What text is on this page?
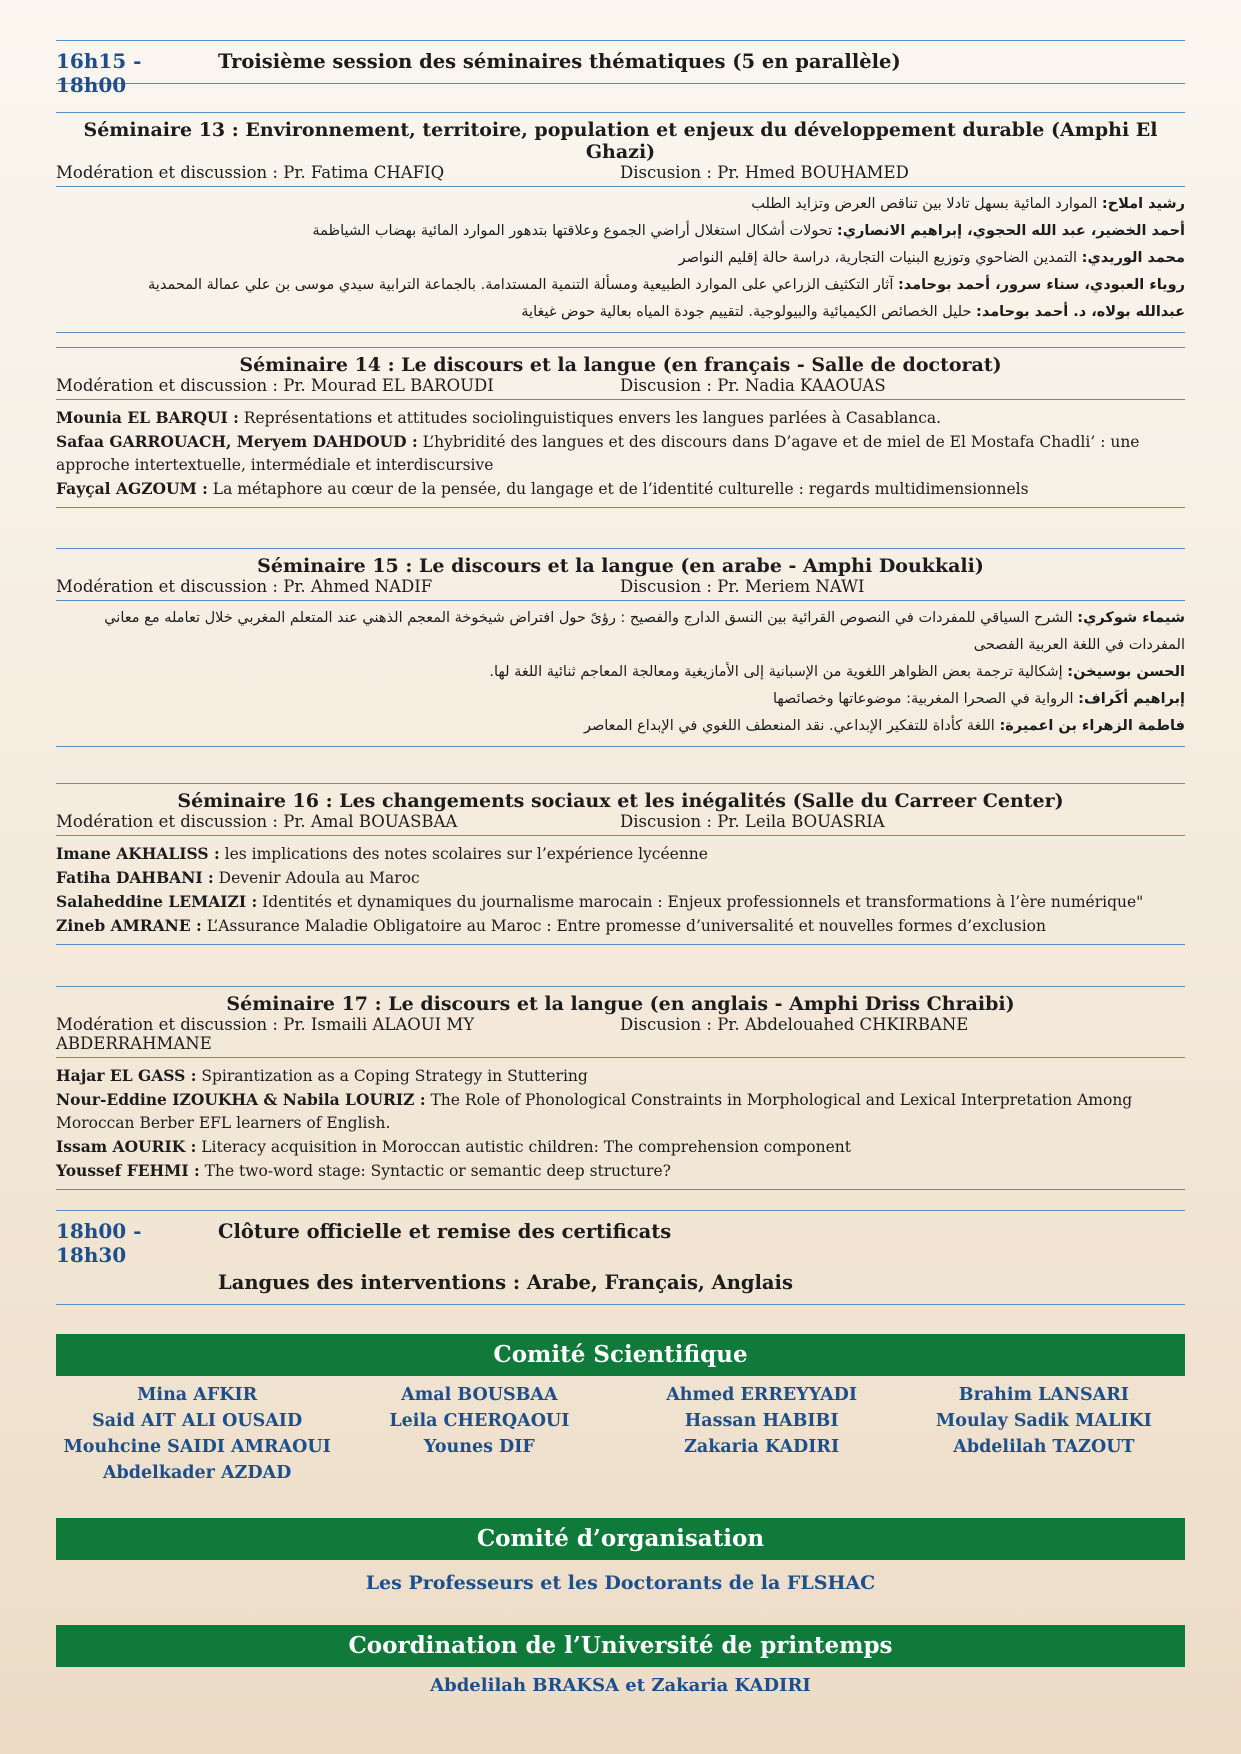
16h15 - 18h00
Troisième session des séminaires thématiques (5 en parallèle)
Séminaire 13 : Environnement, territoire, population et enjeux du développement durable (Amphi El Ghazi)
Modération et discussion : Pr. Fatima CHAFIQ	Discusion : Pr. Hmed BOUHAMED
رشيد املاح: الموارد المائية بسهل تادلا بين تناقص العرض وتزايد الطلب
أحمد الخضير، عبد الله الحجوي، إبراهيم الانصاري: تحولات أشكال استغلال أراضي الجموع وعلاقتها بتدهور الموارد المائية بهضاب الشياظمة
محمد الوريدي: التمدين الضاحوي وتوزيع البنيات التجارية، دراسة حالة إقليم النواصر
روياء العبودي، سناء سرور، أحمد بوحامد: آثار التكثيف الزراعي على الموارد الطبيعية ومسألة التنمية المستدامة. بالجماعة الترابية سيدي موسى بن علي عمالة المحمدية
عبدالله بولاه، د. أحمد بوحامد: حليل الخصائص الكيميائية والبيولوجية. لتقييم جودة المياه بعالية حوض غيغاية
Séminaire 14 : Le discours et la langue (en français - Salle de doctorat)
Modération et discussion : Pr. Mourad EL BAROUDI	Discusion : Pr. Nadia KAAOUAS
Mounia EL BARQUI : Représentations et attitudes sociolinguistiques envers les langues parlées à Casablanca.
Safaa GARROUACH, Meryem DAHDOUD : L’hybridité des langues et des discours dans D’agave et de miel de El Mostafa Chadli’ : une approche intertextuelle, intermédiale et interdiscursive
Fayçal AGZOUM : La métaphore au cœur de la pensée, du langage et de l’identité culturelle : regards multidimensionnels
Séminaire 15 : Le discours et la langue (en arabe - Amphi Doukkali)
Modération et discussion : Pr. Ahmed NADIF	Discusion : Pr. Meriem NAWI
شيماء شوكري: الشرح السياقي للمفردات في النصوص القرائية بين النسق الدارج والفصيح : رؤىً حول افتراض شيخوخة المعجم الذهني عند المتعلم المغربي خلال تعامله مع معاني المفردات في اللغة العربية الفصحى
الحسن بوسيخن: إشكالية ترجمة بعض الظواهر اللغوية من الإسبانية إلى الأمازيغية ومعالجة المعاجم ثنائية اللغة لها.
إبراهيم أكَراف: الرواية في الصحرا المغربية: موضوعاتها وخصائصها
فاطمة الزهراء بن اعميرة: اللغة كأداة للتفكير الإبداعي. نقد المنعطف اللغوي في الإبداع المعاصر
Séminaire 16 : Les changements sociaux et les inégalités (Salle du Carreer Center)
Modération et discussion : Pr. Amal BOUASBAA	Discusion : Pr. Leila BOUASRIA
Imane AKHALISS : les implications des notes scolaires sur l’expérience lycéenne
Fatiha DAHBANI : Devenir Adoula au Maroc
Salaheddine LEMAIZI : Identités et dynamiques du journalisme marocain : Enjeux professionnels et transformations à l’ère numérique"
Zineb AMRANE : L’Assurance Maladie Obligatoire au Maroc : Entre promesse d’universalité et nouvelles formes d’exclusion
Séminaire 17 : Le discours et la langue (en anglais - Amphi Driss Chraibi)
Modération et discussion : Pr. Ismaili ALAOUI MY ABDERRAHMANE
Discusion : Pr. Abdelouahed CHKIRBANE
Hajar EL GASS : Spirantization as a Coping Strategy in Stuttering
Nour-Eddine IZOUKHA & Nabila LOURIZ : The Role of Phonological Constraints in Morphological and Lexical Interpretation Among Moroccan Berber EFL learners of English.
Issam AOURIK : Literacy acquisition in Moroccan autistic children: The comprehension component
Youssef FEHMI : The two-word stage: Syntactic or semantic deep structure?
18h00 - 18h30
Clôture officielle et remise des certificats
Langues des interventions : Arabe, Français, Anglais
Comité Scientifique
Mina AFKIR
Said AIT ALI OUSAID
Mouhcine SAIDI AMRAOUI
Abdelkader AZDAD
Amal BOUSBAA
Leila CHERQAOUI
Younes DIF
Ahmed ERREYYADI
Hassan HABIBI
Zakaria KADIRI
Brahim LANSARI
Moulay Sadik MALIKI
Abdelilah TAZOUT
Comité d’organisation
Les Professeurs et les Doctorants de la FLSHAC
Coordination de l’Université de printemps
Abdelilah BRAKSA et Zakaria KADIRI
